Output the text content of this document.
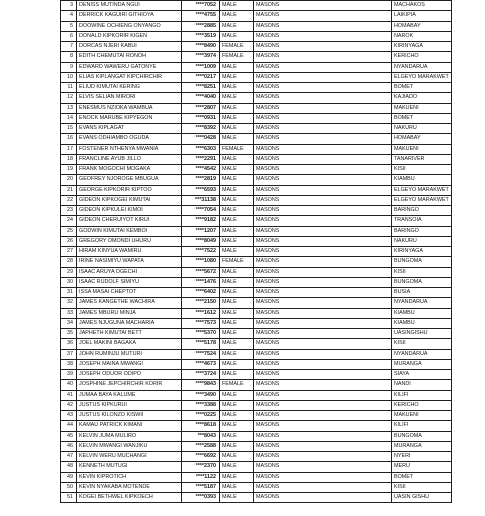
3	DENISS MUTINDA NGUI	****7052	MALE	MASONS	MACHAKOS
4	DERRICK KAGUIRI GITHIOYA	****4755	MALE	MASONS	LAIKIPIA
5	DOOWINE OCHIENG ONYANGO	****2885	MALE	MASONS	HOMABAY
6	DONALD KIPKORIR KIGEN	****3519	MALE	MASONS	NAROK
7	DORCAS NJERI KABUI	****8490	FEMALE	MASONS	KIRINYAGA
8	EDITH CHEMUTAI RONOH	****3974	FEMALE	MASONS	KERICHO
9	EDWARD WAWERU GATONYE	****1009	MALE	MASONS	NYANDARUA
10	ELIAS KIPLANGAT KIPCHIRCHIR	****0217	MALE	MASONS	ELGEYO MARAKWET
11	ELIUD KIMUTAI KERING	****8251	MALE	MASONS	BOMET
12	ELVIS SELIAN MIRORI	****4040	MALE	MASONS	KAJIADO
13	ENESMUS NZIOKA WAMBUA	****2807	MALE	MASONS	MAKUENI
14	ENOCK MARUBE KIPYEGON	****0931	MALE	MASONS	BOMET
15	EVANS KIPLAGAT	****8392	MALE	MASONS	NAKURU
16	EVANS ODHIAMBO OGUDA	****0428	MALE	MASONS	HOMABAY
17	FOSTENER NTHENYA MWANIA	****6303	FEMALE	MASONS	MAKUENI
18	FRANCLINE AYUB JILLO	****2291	MALE	MASONS	TANARIVER
19	FRANK MOGOCHI MOGAKA	****4542	MALE	MASONS	KISII
20	GEOFREY NJOROGE MBUGUA	****2819	MALE	MASONS	KIAMBU
21	GEORGE KIPKORIR KIPTOO	****6593	MALE	MASONS	ELGEYO MARAKWET
22	GIDEON KIPKOGEI KIMUTAI	***31138	MALE	MASONS	ELGEYO MARAKWET
23	GIDEON KIPKULEI KIMOI	****7054	MALE	MASONS	BARINGO
24	GIDEON CHERUIYOT KIRUI	****9182	MALE	MASONS	TRANSOIA
25	GODWIN KIMUTAI KEMBOI	****1207	MALE	MASONS	BARINGO
26	GREGORY OMONDI UHURU	****8049	MALE	MASONS	NAKURU
27	HIRAM KINYUA WAMIRU	****7522	MALE	MASONS	KIRINYAGA
28	IRINE NASIMIYU WAPATA	****1080	FEMALE	MASONS	BUNGOMA
29	ISAAC ARUYA OGECHI	****5672	MALE	MASONS	KISII
30	ISAAC RUDOLF SIMIYU	****1476	MALE	MASONS	BUNGOMA
31	ISSA MASAI CHEPTOT	****6402	MALE	MASONS	BUSIA
32	JAMES KANGETHE WACHIRA	****2150	MALE	MASONS	NYANDARUA
33	JAMES MBURU MINJA	****1612	MALE	MASONS	KIAMBU
34	JAMES NJUGUNA MACHARIA	****7573	MALE	MASONS	KIAMBU
35	JAPHETH KIMUTAI BETT	****5370	MALE	MASONS	UASINGISHU
36	JOEL MAKINI BAGAKA	****5178	MALE	MASONS	KISII
37	JOHN RUMINJU MUTURI	****7524	MALE	MASONS	NYANDARUA
38	JOSEPH MAINA MWANGI	****4673	MALE	MASONS	MURANGA
39	JOSEPH ODUOR ODIPO	****3724	MALE	MASONS	SIAYA
40	JOSPHINE JEPCHIRCHIR KORIR	****9843	FEMALE	MASONS	NANDI
41	JUMAA BAYA KALUME	****3490	MALE	MASONS	KILIFI
42	JUSTUS KIPKURUI	****3388	MALE	MASONS	KERICHO
43	JUSTUS KILONZO KISWII	****0225	MALE	MASONS	MAKUENI
44	KAMAU PATRICK KIMANI	****8618	MALE	MASONS	KILIFI
45	KELVIN JUMA MULIRO	***8043	MALE	MASONS	BUNGOMA
46	KELVIN MWANGI WANJIKU	****2588	MALE	MASONS	MURANGA
47	KELVIN WERU MUCHANGI	****6692	MALE	MASONS	NYERI
48	KENNETH MUTUGI	****2370	MALE	MASONS	MERU
49	KEVIN KIPROTICH	****1122	MALE	MASONS	BOMET
50	KEVIN NYAKABA MOTENDE	****5187	MALE	MASONS	KISII
51	KOGEI BETHWEL KIPKOECH	****0393	MALE	MASONS	UASIN GISHU
